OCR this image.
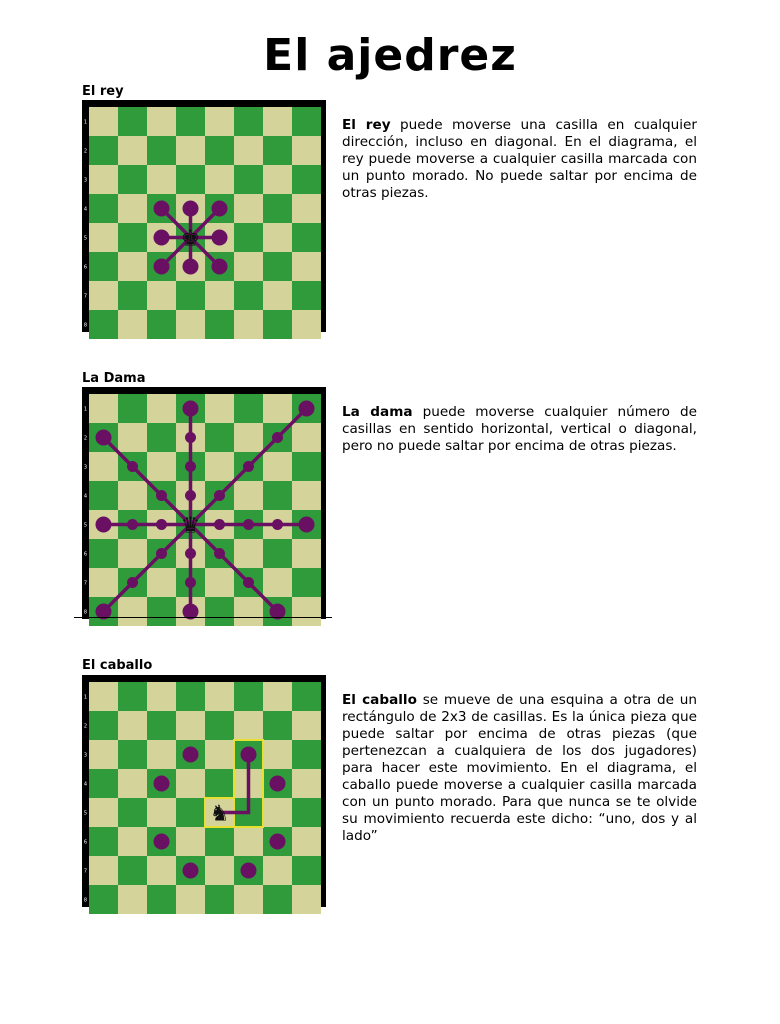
El ajedrez
El rey
1
2
3
4
5
6
7
8
H	G	F	E	D	C	B	A
♚
El rey puede moverse una casilla en cualquier dirección, incluso en diagonal. En el diagrama, el rey puede moverse a cualquier casilla marcada con un punto morado. No puede saltar por encima de otras piezas.
La Dama
1
2
3
4
5
6
7
8
H	G	F	E	D	C	B	A
♛
La dama puede moverse cualquier número de casillas en sentido horizontal, vertical o diagonal, pero no puede saltar por encima de otras piezas.
El caballo
1
2
3
4
5
6
7
8
H	G	F	E	D	C	B	A
♞
El caballo se mueve de una esquina a otra de un rectángulo de 2x3 de casillas. Es la única pieza que puede saltar por encima de otras piezas (que pertenezcan a cualquiera de los dos jugadores) para hacer este movimiento. En el diagrama, el caballo puede moverse a cualquier casilla marcada con un punto morado. Para que nunca se te olvide su movimiento recuerda este dicho: “uno, dos y al lado”
